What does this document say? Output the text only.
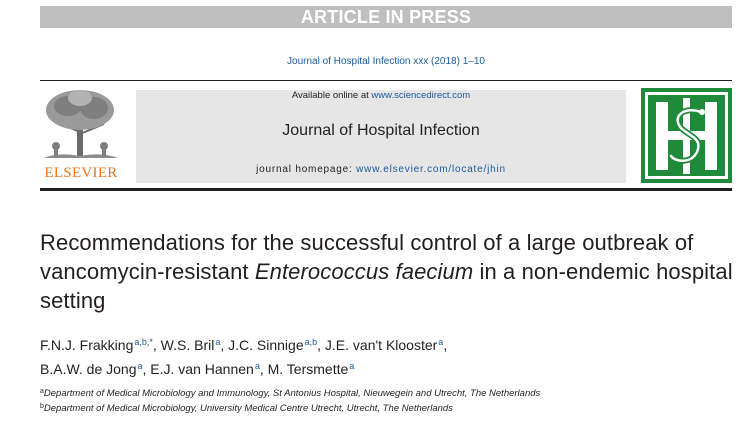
ARTICLE IN PRESS
Journal of Hospital Infection xxx (2018) 1–10
ELSEVIER
Available online at www.sciencedirect.com
Journal of Hospital Infection
journal homepage: www.elsevier.com/locate/jhin
Recommendations for the successful control of a large outbreak of vancomycin-resistant Enterococcus faecium in a non-endemic hospital setting
F.N.J. Frakking$^{a,b,*}$, W.S. Bril$^a$, J.C. Sinnige$^{a,b}$, J.E. van't Klooster$^a$,
B.A.W. de Jong$^a$, E.J. van Hannen$^a$, M. Tersmette$^a$
$^a$Department of Medical Microbiology and Immunology, St Antonius Hospital, Nieuwegein and Utrecht, The Netherlands
$^b$Department of Medical Microbiology, University Medical Centre Utrecht, Utrecht, The Netherlands
